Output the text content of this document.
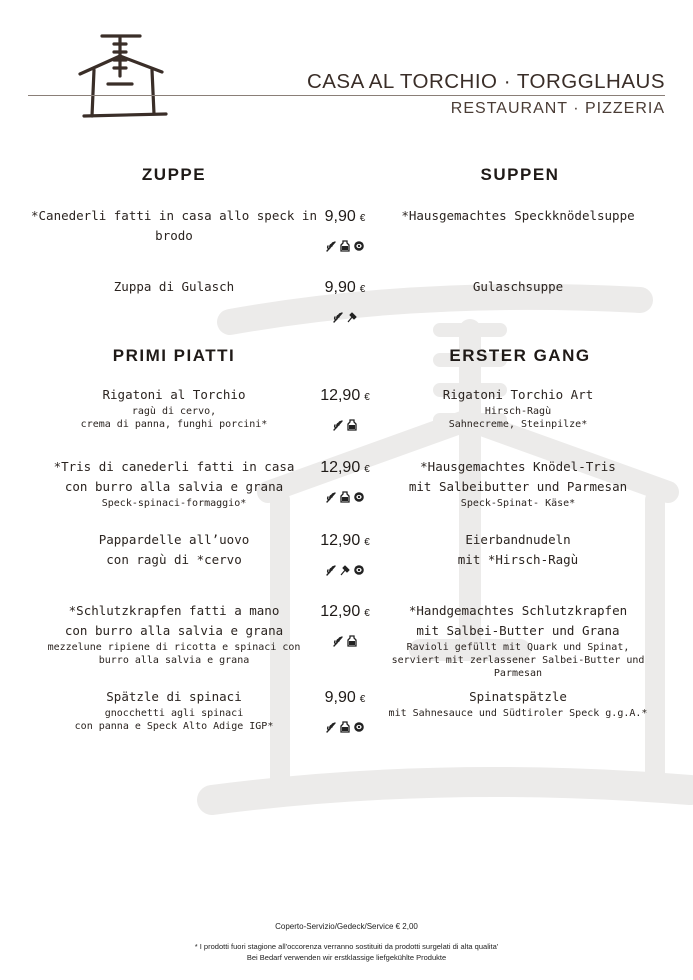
CASA AL TORCHIO · TORGGLHAUS
RESTAURANT · PIZZERIA
ZUPPE	SUPPEN
PRIMI PIATTI	ERSTER GANG
*Canederli fatti in casa allo speck in brodo
9,90 €	*Hausgemachtes Speckknödelsuppe
Zuppa di Gulasch	9,90 €	Gulaschsuppe
Rigatoni al Torchio
ragù di cervo,
crema di panna, funghi porcini*
12,90 €	Rigatoni Torchio Art
Hirsch-Ragù
Sahnecreme, Steinpilze*
*Tris di canederli fatti in casa
con burro alla salvia e grana
Speck-spinaci-formaggio*
12,90 €	*Hausgemachtes Knödel-Tris
mit Salbeibutter und Parmesan
Speck-Spinat- Käse*
Pappardelle all’uovo
con ragù di *cervo
12,90 €	Eierbandnudeln
mit *Hirsch-Ragù
*Schlutzkrapfen fatti a mano
con burro alla salvia e grana
mezzelune ripiene di ricotta e spinaci con
burro alla salvia e grana
12,90 €	*Handgemachtes Schlutzkrapfen
mit Salbei-Butter und Grana
Ravioli gefüllt mit Quark und Spinat,
serviert mit zerlassener Salbei-Butter und Parmesan
Spätzle di spinaci
gnocchetti agli spinaci
con panna e Speck Alto Adige IGP*
9,90 €	Spinatspätzle
mit Sahnesauce und Südtiroler Speck g.g.A.*
Coperto-Servizio/Gedeck/Service € 2,00
* I prodotti fuori stagione all'occorenza verranno sostituiti da prodotti surgelati di alta qualita'
Bei Bedarf verwenden wir erstklassige liefgekühlte Produkte
